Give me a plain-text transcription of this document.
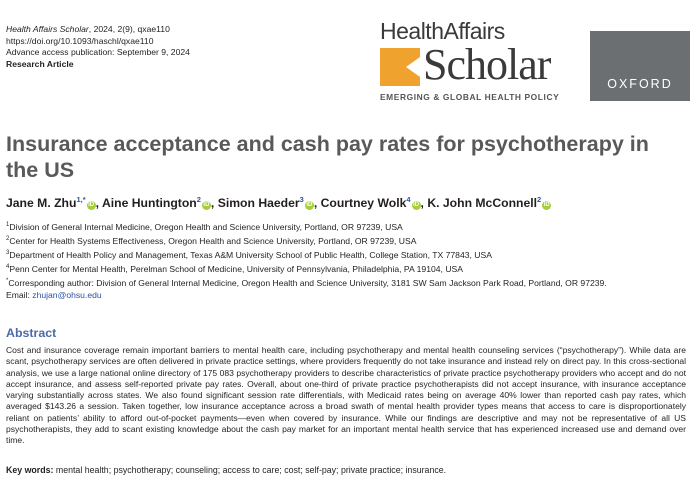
Health Affairs Scholar, 2024, 2(9), qxae110
https://doi.org/10.1093/haschl/qxae110
Advance access publication: September 9, 2024
Research Article
HealthAffairs
Scholar
EMERGING & GLOBAL HEALTH POLICY
OXFORD
Insurance acceptance and cash pay rates for psychotherapy in the US
Jane M. Zhu$^{1,*}$iD , Aine Huntington$^2$iD , Simon Haeder$^3$iD , Courtney Wolk$^4$iD , K. John McConnell$^2$iD
$^1$Division of General Internal Medicine, Oregon Health and Science University, Portland, OR 97239, USA
$^2$Center for Health Systems Effectiveness, Oregon Health and Science University, Portland, OR 97239, USA
$^3$Department of Health Policy and Management, Texas A&M University School of Public Health, College Station, TX 77843, USA
$^4$Penn Center for Mental Health, Perelman School of Medicine, University of Pennsylvania, Philadelphia, PA 19104, USA
*Corresponding author: Division of General Internal Medicine, Oregon Health and Science University, 3181 SW Sam Jackson Park Road, Portland, OR 97239.
Email: zhujan@ohsu.edu
Abstract

Cost and insurance coverage remain important barriers to mental health care, including psychotherapy and mental health counseling services (“psychotherapy”). While data are scant, psychotherapy services are often delivered in private practice settings, where providers frequently do not take insurance and instead rely on direct pay. In this cross-sectional analysis, we use a large national online directory of 175 083 psychotherapy providers to describe characteristics of private practice psychotherapy providers who accept and do not accept insurance, and assess self-reported private pay rates. Overall, about one-third of private practice psychotherapists did not accept insurance, with insurance acceptance varying substantially across states. We also found significant session rate differentials, with Medicaid rates being on average 40% lower than reported cash pay rates, which averaged $143.26 a session. Taken together, low insurance acceptance across a broad swath of mental health provider types means that access to care is disproportionately reliant on patients’ ability to afford out-of-pocket payments—even when covered by insurance. While our findings are descriptive and may not be representative of all US psychotherapists, they add to scant existing knowledge about the cash pay market for an important mental health service that has experienced increased use and demand over time.

Key words: mental health; psychotherapy; counseling; access to care; cost; self-pay; private practice; insurance.
